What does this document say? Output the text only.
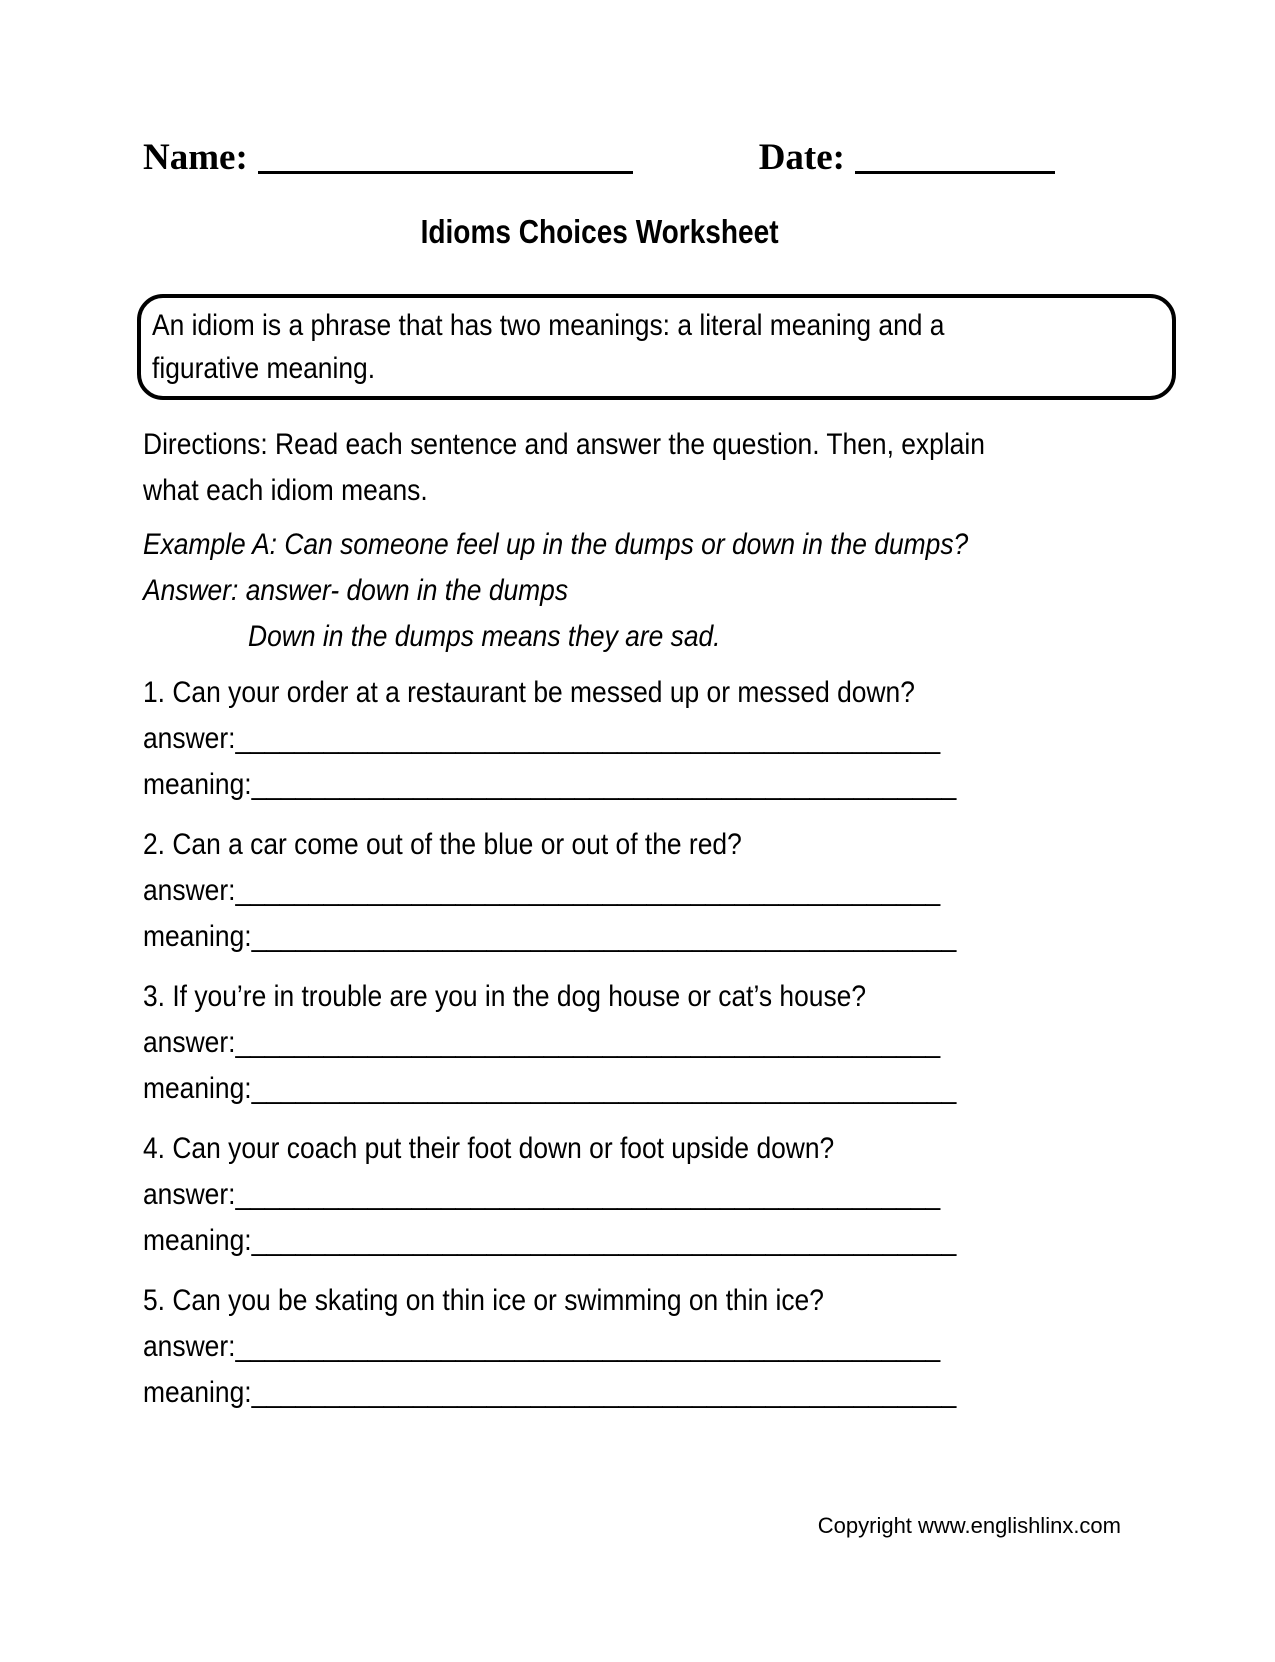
Name:	Date:
Idioms Choices Worksheet
An idiom is a phrase that has two meanings: a literal meaning and a
figurative meaning.
Directions: Read each sentence and answer the question. Then, explain
what each idiom means.
Example A: Can someone feel up in the dumps or down in the dumps?
Answer: answer- down in the dumps
Down in the dumps means they are sad.
1. Can your order at a restaurant be messed up or messed down?
answer:________________________________________________
meaning:________________________________________________
2. Can a car come out of the blue or out of the red?
answer:________________________________________________
meaning:________________________________________________
3. If you’re in trouble are you in the dog house or cat’s house?
answer:________________________________________________
meaning:________________________________________________
4. Can your coach put their foot down or foot upside down?
answer:________________________________________________
meaning:________________________________________________
5. Can you be skating on thin ice or swimming on thin ice?
answer:________________________________________________
meaning:________________________________________________
Copyright www.englishlinx.com
